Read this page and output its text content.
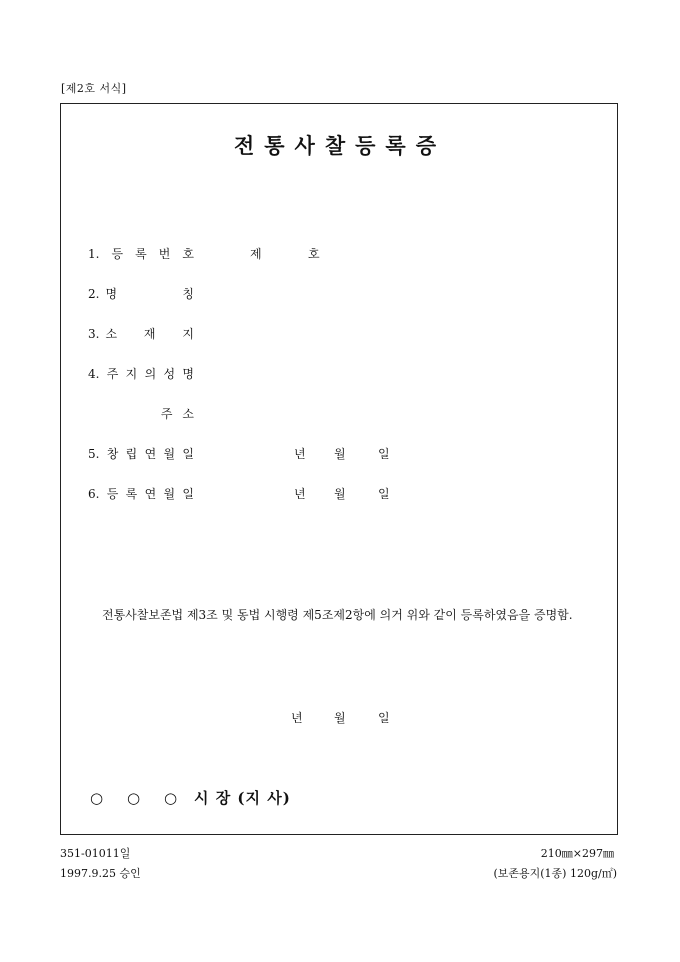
[제2호 서식]
전통사찰등록증
1. 등 록 번 호	제	호
2. 명	칭
3. 소 재 지
4. 주 지 의 성 명
주 소
5. 창 립 연 월 일	년 월	일
6. 등 록 연 월 일	년 월	일
전통사찰보존법 제3조 및 동법 시행령 제5조제2항에 의거 위와 같이 등록하였음을 증명함.
년	월	일
○ ○ ○ 시 장 (지 사)
351-01011일
1997.9.25 승인
210㎜×297㎜
(보존용지(1종) 120g/㎡)
